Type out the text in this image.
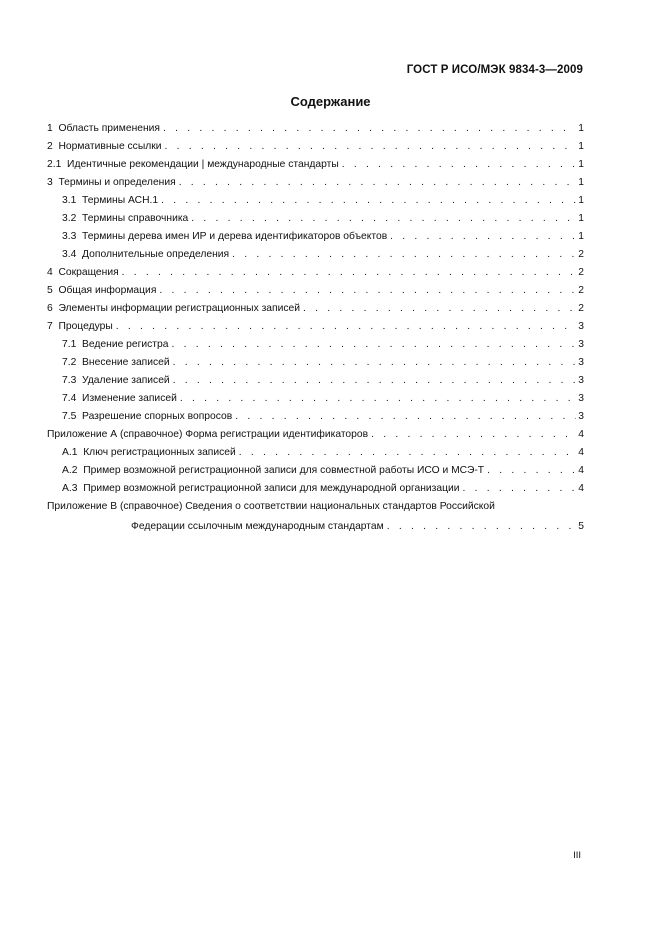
ГОСТ Р ИСО/МЭК 9834-3—2009
Содержание
1 Область применения . . .	1
2 Нормативные ссылки . . .	1
2.1 Идентичные рекомендации | международные стандарты . . .	1
3 Термины и определения . . .	1
3.1 Термины АСН.1 . . .	1
3.2 Термины справочника . . .	1
3.3 Термины дерева имен ИР и дерева идентификаторов объектов . . .	1
3.4 Дополнительные определения . . .	2
4 Сокращения . . .	2
5 Общая информация . . .	2
6 Элементы информации регистрационных записей . . .	2
7 Процедуры . . .	3
7.1 Ведение регистра . . .	3
7.2 Внесение записей . . .	3
7.3 Удаление записей . . .	3
7.4 Изменение записей . . .	3
7.5 Разрешение спорных вопросов . . .	3
Приложение А (справочное) Форма регистрации идентификаторов . . .	4
А.1 Ключ регистрационных записей . . .	4
А.2 Пример возможной регистрационной записи для совместной работы ИСО и МСЭ-Т . . .	4
А.3 Пример возможной регистрационной записи для международной организации . . .	4
Приложение В (справочное) Сведения о соответствии национальных стандартов Российской
Федерации ссылочным международным стандартам . . .	5
III
